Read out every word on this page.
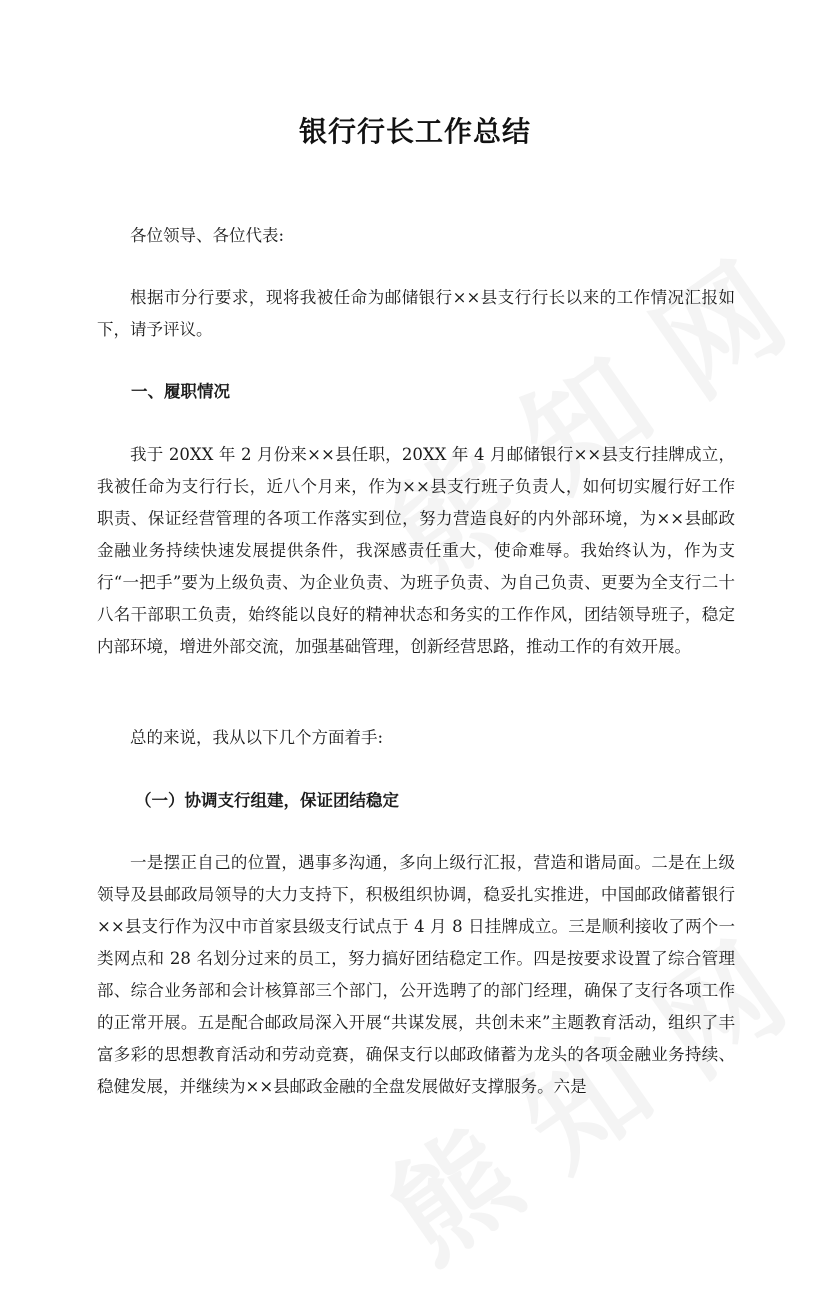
银行行长工作总结
各位领导、各位代表:
根据市分行要求，现将我被任命为邮储银行××县支行行长以来的工作情况汇报如下，请予评议。
一、履职情况
我于 20XX 年 2 月份来××县任职，20XX 年 4 月邮储银行××县支行挂牌成立，我被任命为支行行长，近八个月来，作为××县支行班子负责人，如何切实履行好工作职责、保证经营管理的各项工作落实到位，努力营造良好的内外部环境，为××县邮政金融业务持续快速发展提供条件，我深感责任重大，使命难辱。我始终认为，作为支行“一把手”要为上级负责、为企业负责、为班子负责、为自己负责、更要为全支行二十八名干部职工负责，始终能以良好的精神状态和务实的工作作风，团结领导班子，稳定内部环境，增进外部交流，加强基础管理，创新经营思路，推动工作的有效开展。
总的来说，我从以下几个方面着手:
（一）协调支行组建，保证团结稳定
一是摆正自己的位置，遇事多沟通，多向上级行汇报，营造和谐局面。二是在上级领导及县邮政局领导的大力支持下，积极组织协调，稳妥扎实推进，中国邮政储蓄银行××县支行作为汉中市首家县级支行试点于 4 月 8 日挂牌成立。三是顺利接收了两个一类网点和 28 名划分过来的员工，努力搞好团结稳定工作。四是按要求设置了综合管理部、综合业务部和会计核算部三个部门，公开选聘了的部门经理，确保了支行各项工作的正常开展。五是配合邮政局深入开展“共谋发展，共创未来”主题教育活动，组织了丰富多彩的思想教育活动和劳动竞赛，确保支行以邮政储蓄为龙头的各项金融业务持续、稳健发展，并继续为××县邮政金融的全盘发展做好支撑服务。六是
